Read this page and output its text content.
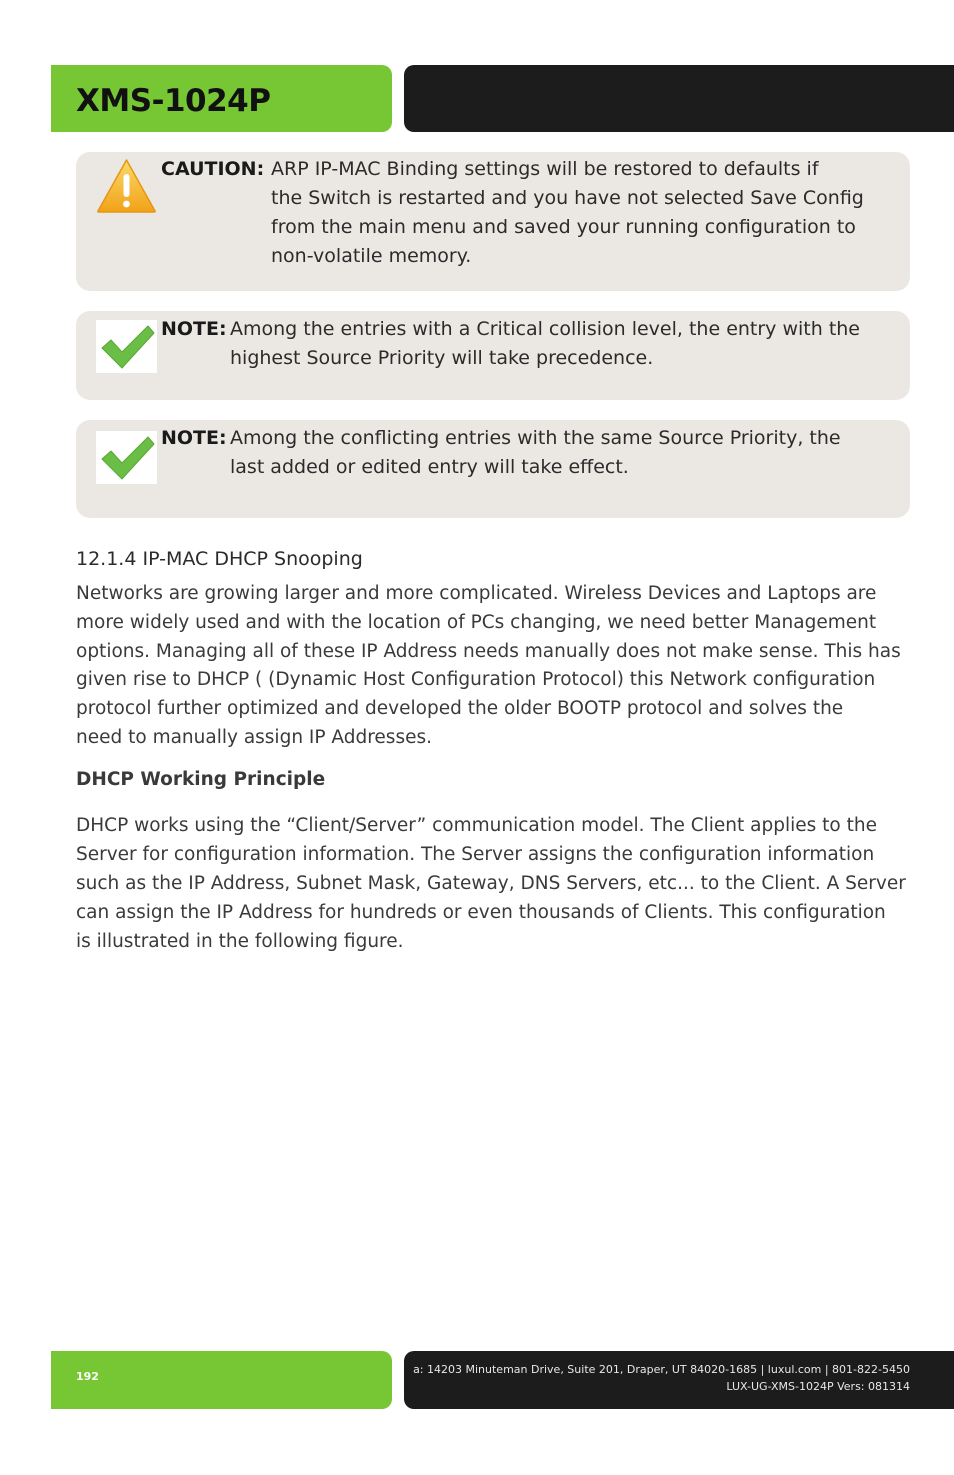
XMS-1024P
CAUTION: ARP IP-MAC Binding settings will be restored to defaults if
the Switch is restarted and you have not selected Save Config
from the main menu and saved your running configuration to
non-volatile memory.
NOTE: Among the entries with a Critical collision level, the entry with the
highest Source Priority will take precedence.
NOTE: Among the conflicting entries with the same Source Priority, the
last added or edited entry will take effect.
12.1.4 IP-MAC DHCP Snooping
Networks are growing larger and more complicated. Wireless Devices and Laptops are
more widely used and with the location of PCs changing, we need better Management
options. Managing all of these IP Address needs manually does not make sense. This has
given rise to DHCP ( (Dynamic Host Configuration Protocol) this Network configuration
protocol further optimized and developed the older BOOTP protocol and solves the
need to manually assign IP Addresses.
DHCP Working Principle
DHCP works using the “Client/Server” communication model. The Client applies to the
Server for configuration information. The Server assigns the configuration information
such as the IP Address, Subnet Mask, Gateway, DNS Servers, etc... to the Client. A Server
can assign the IP Address for hundreds or even thousands of Clients. This configuration
is illustrated in the following figure.
192
a: 14203 Minuteman Drive, Suite 201, Draper, UT 84020-1685 | luxul.com | 801-822-5450
LUX-UG-XMS-1024P Vers: 081314
